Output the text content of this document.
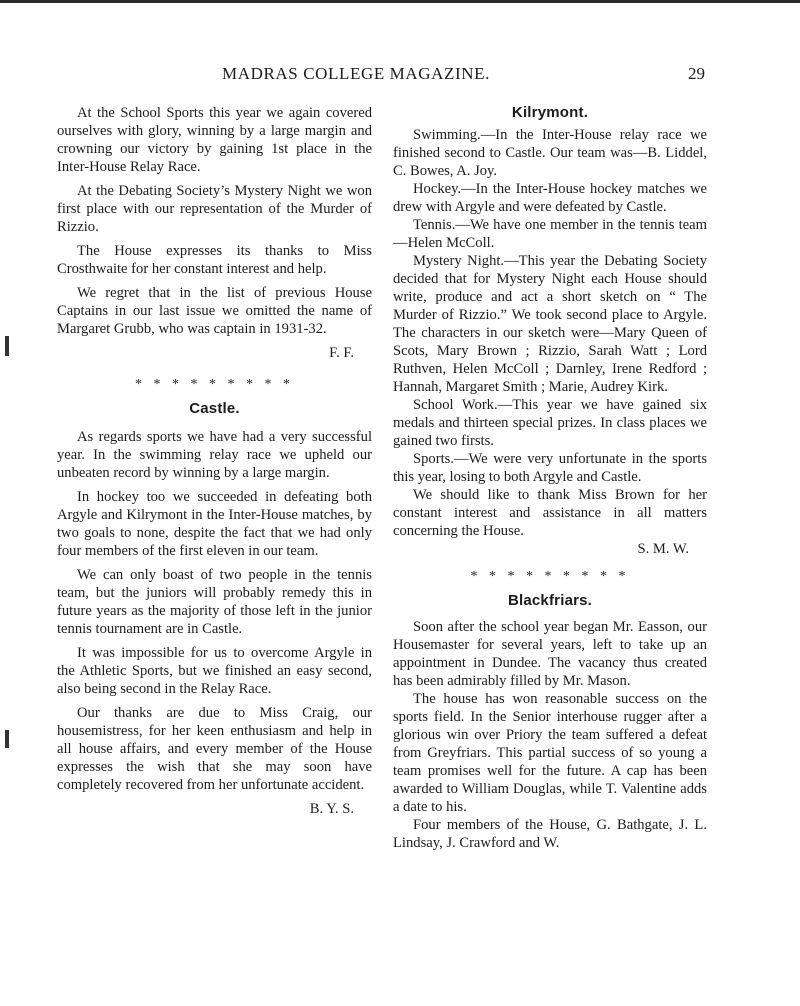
MADRAS COLLEGE MAGAZINE.	29

At the School Sports this year we again covered ourselves with glory, winning by a large margin and crowning our victory by gaining 1st place in the Inter-House Relay Race.

At the Debating Society’s Mystery Night we won first place with our representation of the Murder of Rizzio.

The House expresses its thanks to Miss Crosthwaite for her constant interest and help.

We regret that in the list of previous House Captains in our last issue we omitted the name of Margaret Grubb, who was captain in 1931-32.

F. F.
* * * * * * * * *
Castle.

As regards sports we have had a very successful year. In the swimming relay race we upheld our unbeaten record by winning by a large margin.

In hockey too we succeeded in defeating both Argyle and Kilrymont in the Inter-House matches, by two goals to none, despite the fact that we had only four members of the first eleven in our team.

We can only boast of two people in the tennis team, but the juniors will probably remedy this in future years as the majority of those left in the junior tennis tournament are in Castle.

It was impossible for us to overcome Argyle in the Athletic Sports, but we finished an easy second, also being second in the Relay Race.

Our thanks are due to Miss Craig, our housemistress, for her keen enthusiasm and help in all house affairs, and every member of the House expresses the wish that she may soon have completely recovered from her unfortunate accident.

B. Y. S.
Kilrymont.

Swimming.—In the Inter-House relay race we finished second to Castle. Our team was—B. Liddel, C. Bowes, A. Joy.

Hockey.—In the Inter-House hockey matches we drew with Argyle and were defeated by Castle.

Tennis.—We have one member in the tennis team—Helen McColl.

Mystery Night.—This year the Debating Society decided that for Mystery Night each House should write, produce and act a short sketch on “ The Murder of Rizzio.” We took second place to Argyle. The characters in our sketch were—Mary Queen of Scots, Mary Brown ; Rizzio, Sarah Watt ; Lord Ruthven, Helen McColl ; Darnley, Irene Redford ; Hannah, Margaret Smith ; Marie, Audrey Kirk.

School Work.—This year we have gained six medals and thirteen special prizes. In class places we gained two firsts.

Sports.—We were very unfortunate in the sports this year, losing to both Argyle and Castle.

We should like to thank Miss Brown for her constant interest and assistance in all matters concerning the House.

S. M. W.
* * * * * * * * *
Blackfriars.

Soon after the school year began Mr. Easson, our Housemaster for several years, left to take up an appointment in Dundee. The vacancy thus created has been admirably filled by Mr. Mason.

The house has won reasonable success on the sports field. In the Senior interhouse rugger after a glorious win over Priory the team suffered a defeat from Greyfriars. This partial success of so young a team promises well for the future. A cap has been awarded to William Douglas, while T. Valentine adds a date to his.

Four members of the House, G. Bathgate, J. L. Lindsay, J. Crawford and W.
